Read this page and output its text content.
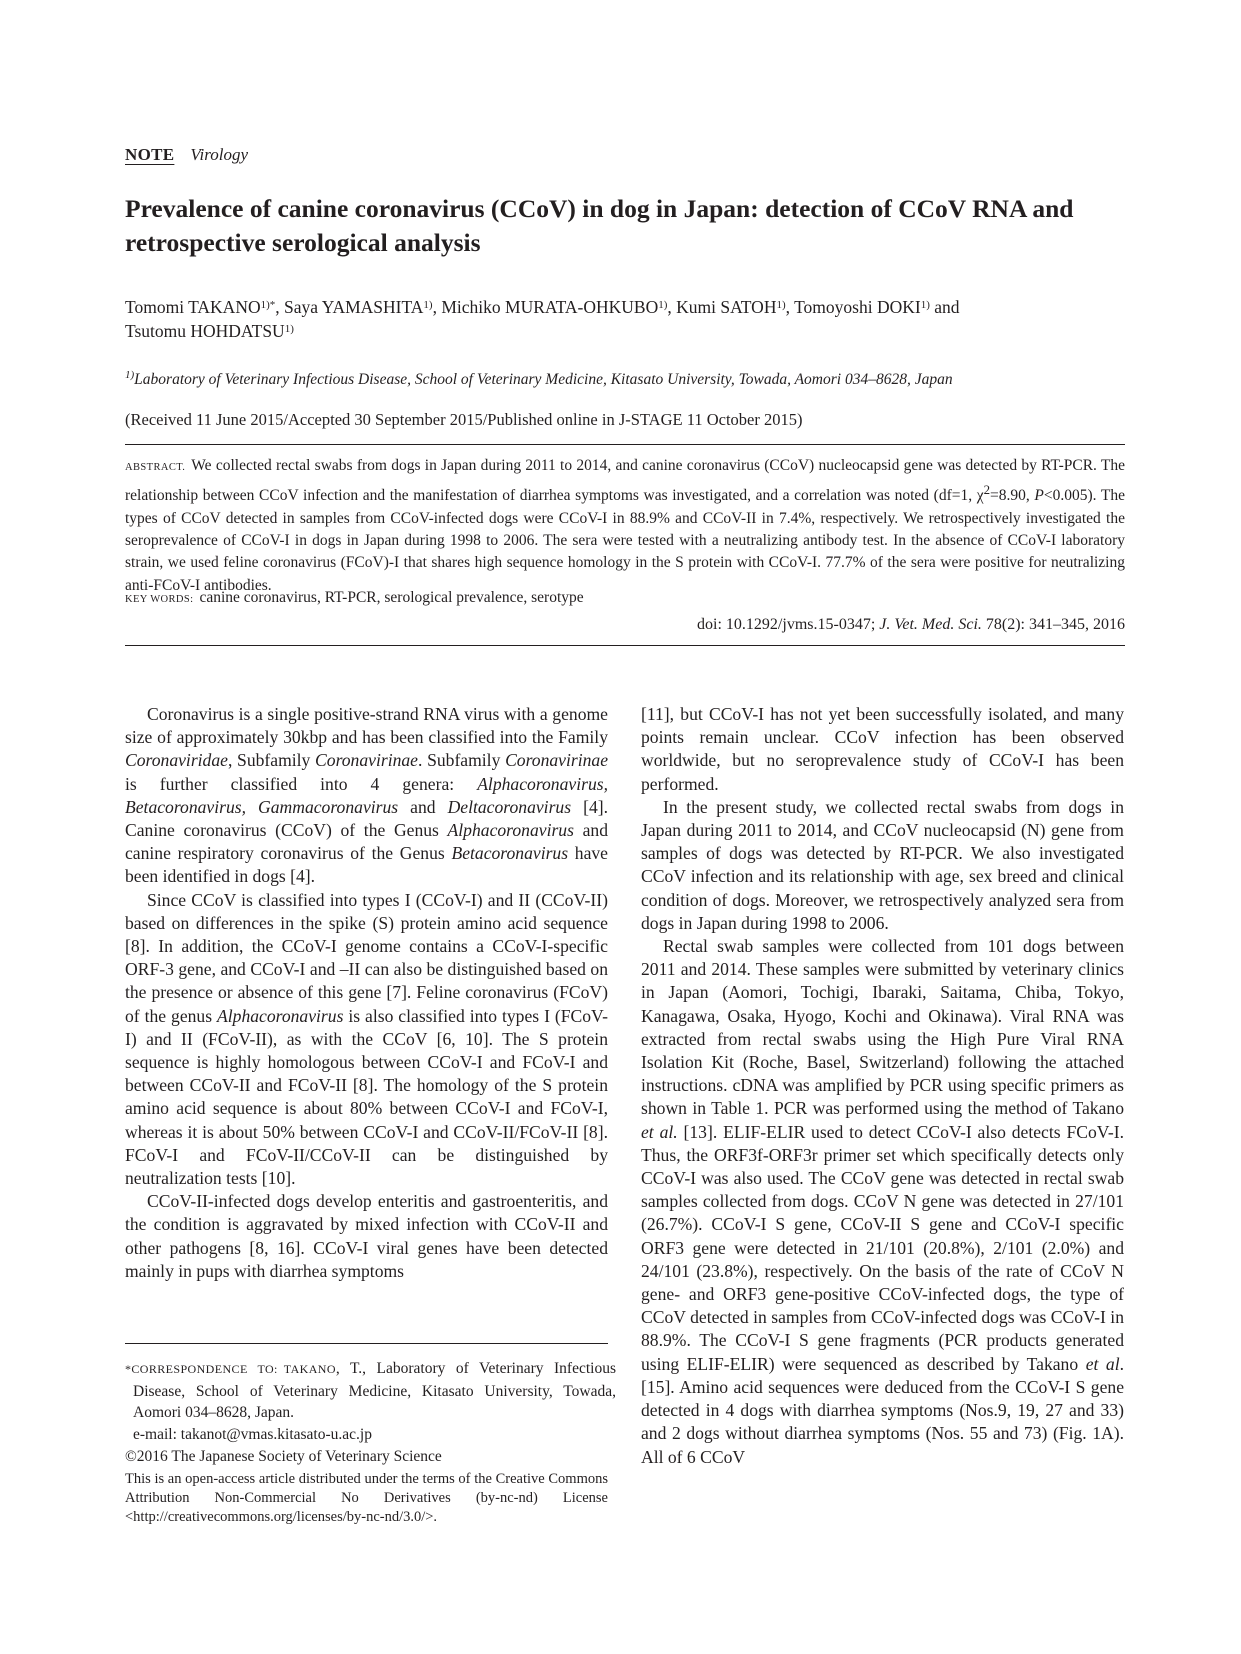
NOTE Virology
Prevalence of canine coronavirus (CCoV) in dog in Japan: detection of CCoV RNA and retrospective serological analysis
Tomomi $TAKANO^{1)*}$, Saya YAMASHITA$^{1)}$, Michiko MURATA-OHKUBO$^{1)}$, Kumi SATOH$^{1)}$, Tomoyoshi DOKI$^{1)}$ and
Tsutomu HOHDATSU$^{1)}$
$^{1)}$Laboratory of Veterinary Infectious Disease, School of Veterinary Medicine, Kitasato University, Towada, Aomori 034–8628, Japan
(Received 11 June 2015/Accepted 30 September 2015/Published online in J-STAGE 11 October 2015)
ABSTRACT. We collected rectal swabs from dogs in Japan during 2011 to 2014, and canine coronavirus (CCoV) nucleocapsid gene was detected by RT-PCR. The relationship between CCoV infection and the manifestation of diarrhea symptoms was investigated, and a correlation was noted (df=1, $\chi^2=8.90$, P<0.005). The types of CCoV detected in samples from CCoV-infected dogs were CCoV-I in 88.9% and CCoV-II in 7.4%, respectively. We retrospectively investigated the seroprevalence of CCoV-I in dogs in Japan during 1998 to 2006. The sera were tested with a neutralizing antibody test. In the absence of CCoV-I laboratory strain, we used feline coronavirus (FCoV)-I that shares high sequence homology in the S protein with CCoV-I. 77.7% of the sera were positive for neutralizing anti-FCoV-I antibodies.
KEY WORDS: canine coronavirus, RT-PCR, serological prevalence, serotype
doi: 10.1292/jvms.15-0347; J. Vet. Med. Sci. 78(2): 341–345, 2016

Coronavirus is a single positive-strand RNA virus with a genome size of approximately 30kbp and has been classified into the Family Coronaviridae, Subfamily Coronavirinae. Subfamily Coronavirinae is further classified into 4 genera: Alphacoronavirus, Betacoronavirus, Gammacoronavirus and Deltacoronavirus [4]. Canine coronavirus (CCoV) of the Genus Alphacoronavirus and canine respiratory coronavirus of the Genus Betacoronavirus have been identified in dogs [4].

Since CCoV is classified into types I (CCoV-I) and II (CCoV-II) based on differences in the spike (S) protein amino acid sequence [8]. In addition, the CCoV-I genome contains a CCoV-I-specific ORF-3 gene, and CCoV-I and –II can also be distinguished based on the presence or absence of this gene [7]. Feline coronavirus (FCoV) of the genus Alphacoronavirus is also classified into types I (FCoV-I) and II (FCoV-II), as with the CCoV [6, 10]. The S protein sequence is highly homologous between CCoV-I and FCoV-I and between CCoV-II and FCoV-II [8]. The homology of the S protein amino acid sequence is about 80% between CCoV-I and FCoV-I, whereas it is about 50% between CCoV-I and CCoV-II/FCoV-II [8]. FCoV-I and FCoV-II/CCoV-II can be distinguished by neutralization tests [10].

CCoV-II-infected dogs develop enteritis and gastroenteritis, and the condition is aggravated by mixed infection with CCoV-II and other pathogens [8, 16]. CCoV-I viral genes have been detected mainly in pups with diarrhea symptoms

*CORRESPONDENCE TO: TAKANO, T., Laboratory of Veterinary Infectious Disease, School of Veterinary Medicine, Kitasato University, Towada, Aomori 034–8628, Japan.
e-mail: takanot@vmas.kitasato-u.ac.jp
©2016 The Japanese Society of Veterinary Science
This is an open-access article distributed under the terms of the Creative Commons Attribution Non-Commercial No Derivatives (by-nc-nd) License <http://creativecommons.org/licenses/by-nc-nd/3.0/>.

[11], but CCoV-I has not yet been successfully isolated, and many points remain unclear. CCoV infection has been observed worldwide, but no seroprevalence study of CCoV-I has been performed.

In the present study, we collected rectal swabs from dogs in Japan during 2011 to 2014, and CCoV nucleocapsid (N) gene from samples of dogs was detected by RT-PCR. We also investigated CCoV infection and its relationship with age, sex breed and clinical condition of dogs. Moreover, we retrospectively analyzed sera from dogs in Japan during 1998 to 2006.

Rectal swab samples were collected from 101 dogs between 2011 and 2014. These samples were submitted by veterinary clinics in Japan (Aomori, Tochigi, Ibaraki, Saitama, Chiba, Tokyo, Kanagawa, Osaka, Hyogo, Kochi and Okinawa). Viral RNA was extracted from rectal swabs using the High Pure Viral RNA Isolation Kit (Roche, Basel, Switzerland) following the attached instructions. cDNA was amplified by PCR using specific primers as shown in Table 1. PCR was performed using the method of Takano et al. [13]. ELIF-ELIR used to detect CCoV-I also detects FCoV-I. Thus, the ORF3f-ORF3r primer set which specifically detects only CCoV-I was also used. The CCoV gene was detected in rectal swab samples collected from dogs. CCoV N gene was detected in 27/101 (26.7%). CCoV-I S gene, CCoV-II S gene and CCoV-I specific ORF3 gene were detected in 21/101 (20.8%), 2/101 (2.0%) and 24/101 (23.8%), respectively. On the basis of the rate of CCoV N gene- and ORF3 gene-positive CCoV-infected dogs, the type of CCoV detected in samples from CCoV-infected dogs was CCoV-I in 88.9%. The CCoV-I S gene fragments (PCR products generated using ELIF-ELIR) were sequenced as described by Takano et al. [15]. Amino acid sequences were deduced from the CCoV-I S gene detected in 4 dogs with diarrhea symptoms (Nos.9, 19, 27 and 33) and 2 dogs without diarrhea symptoms (Nos. 55 and 73) (Fig. 1A). All of 6 CCoV
